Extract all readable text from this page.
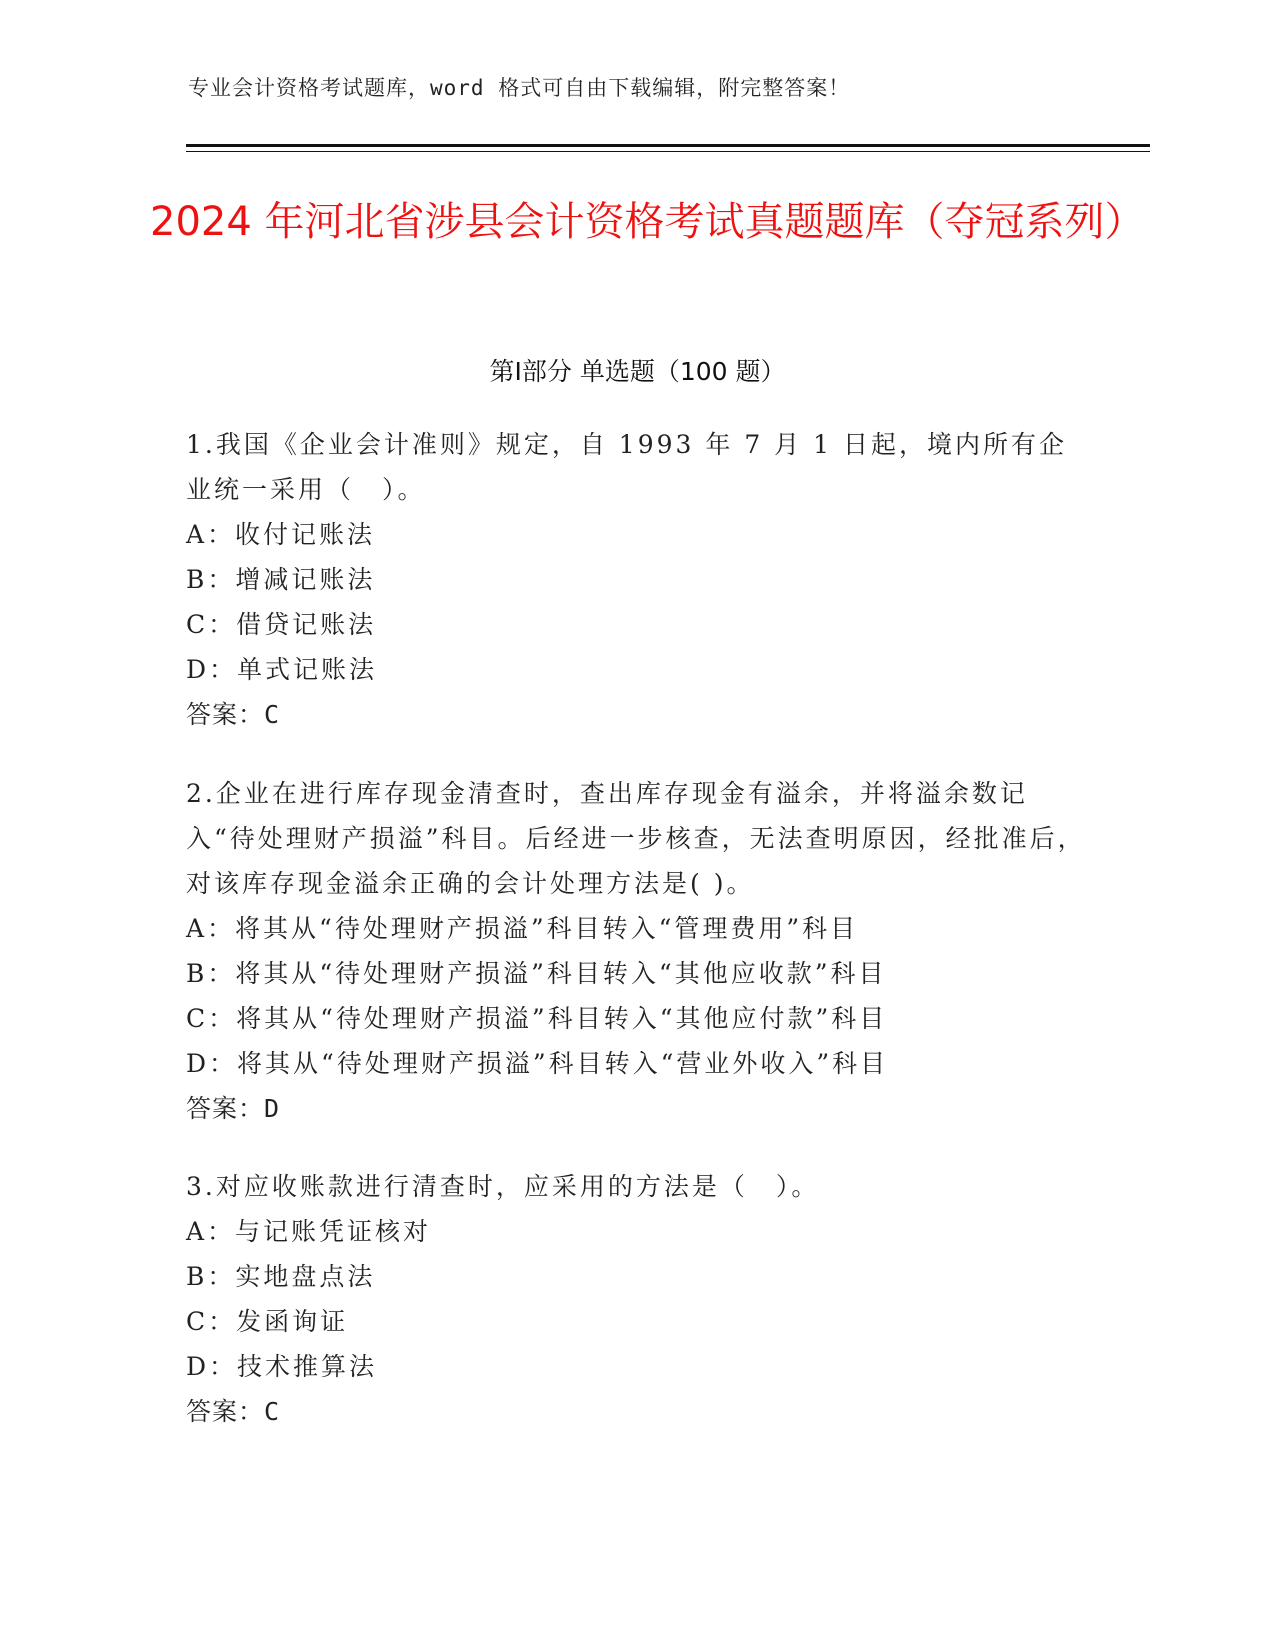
专业会计资格考试题库，word 格式可自由下载编辑，附完整答案！
2024 年河北省涉县会计资格考试真题题库（夺冠系列）
第Ⅰ部分 单选题（100 题）
1.我国《企业会计准则》规定，自 1993 年 7 月 1 日起，境内所有企业统一采用（　）。
A：收付记账法
B：增减记账法
C：借贷记账法
D：单式记账法
答案：C
2.企业在进行库存现金清查时，查出库存现金有溢余，并将溢余数记入“待处理财产损溢”科目。后经进一步核查，无法查明原因，经批准后，对该库存现金溢余正确的会计处理方法是( )。
A：将其从“待处理财产损溢”科目转入“管理费用”科目
B：将其从“待处理财产损溢”科目转入“其他应收款”科目
C：将其从“待处理财产损溢”科目转入“其他应付款”科目
D：将其从“待处理财产损溢”科目转入“营业外收入”科目
答案：D
3.对应收账款进行清查时，应采用的方法是（　）。
A：与记账凭证核对
B：实地盘点法
C：发函询证
D：技术推算法
答案：C
